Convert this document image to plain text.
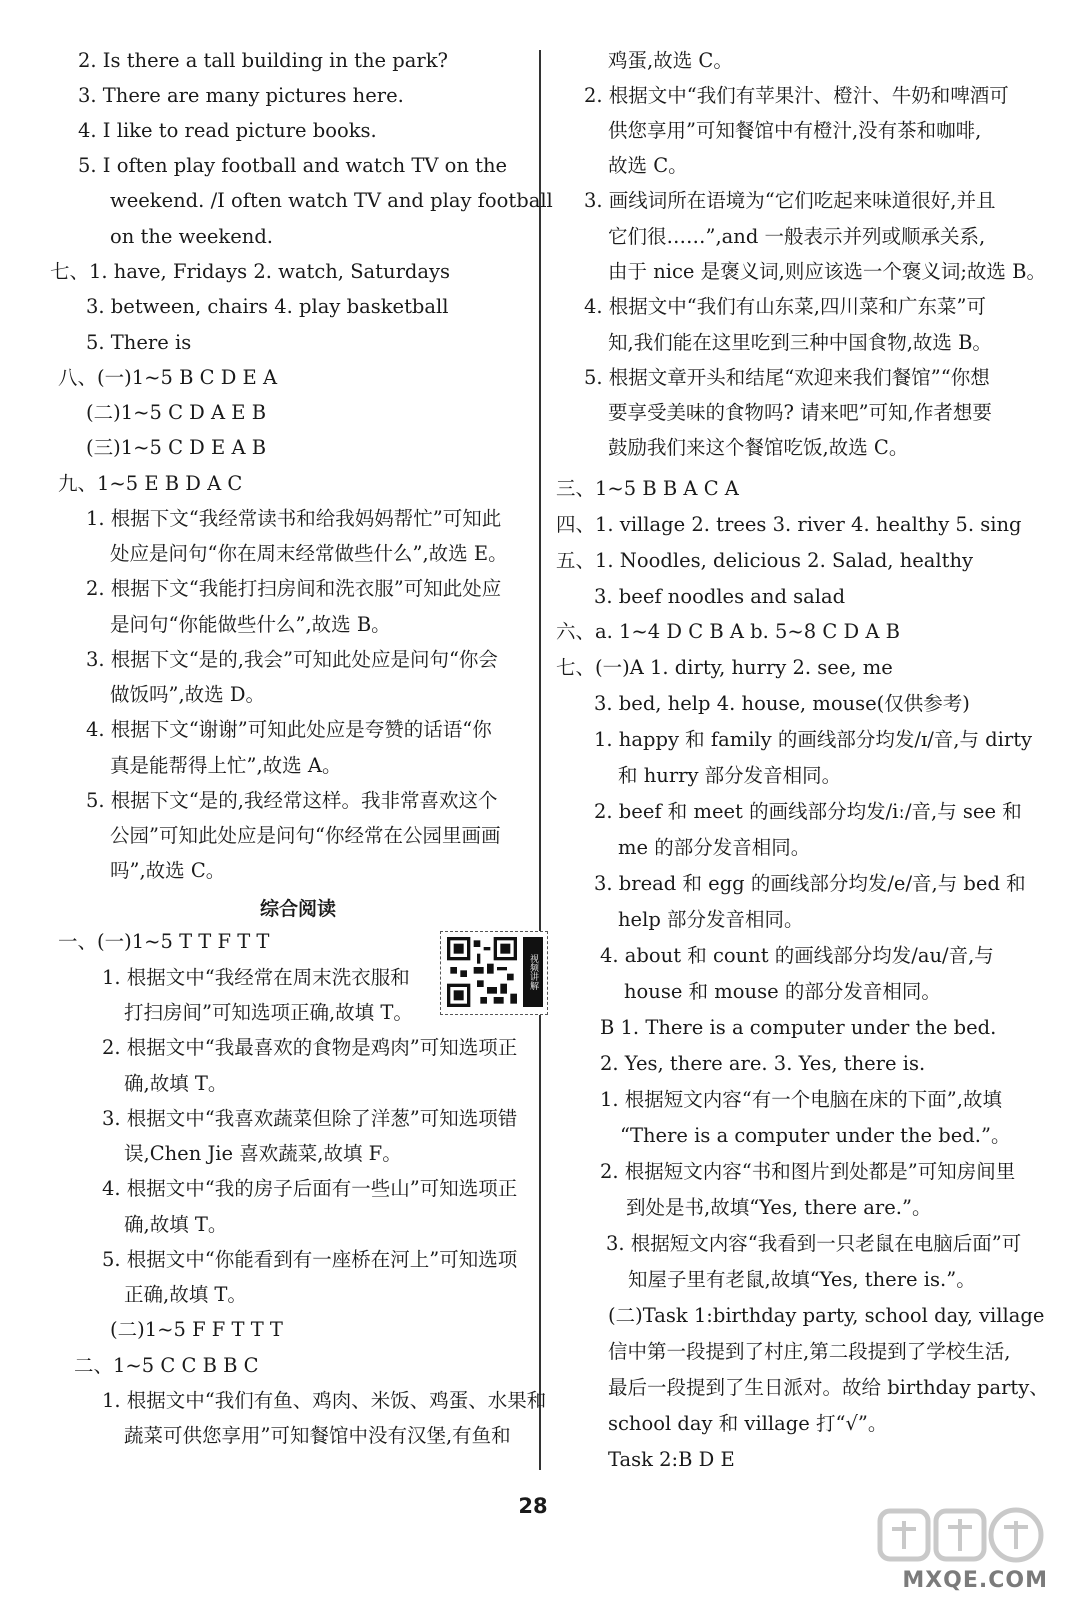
2. Is there a tall building in the park?
3. There are many pictures here.
4. I like to read picture books.
5. I often play football and watch TV on the
weekend. /I often watch TV and play football
on the weekend.
七、1. have, Fridays 2. watch, Saturdays
3. between, chairs 4. play basketball
5. There is
八、(一)1~5 B C D E A
(二)1~5 C D A E B
(三)1~5 C D E A B
九、1~5 E B D A C
1. 根据下文“我经常读书和给我妈妈帮忙”可知此
处应是问句“你在周末经常做些什么”,故选 E。
2. 根据下文“我能打扫房间和洗衣服”可知此处应
是问句“你能做些什么”,故选 B。
3. 根据下文“是的,我会”可知此处应是问句“你会
做饭吗”,故选 D。
4. 根据下文“谢谢”可知此处应是夸赞的话语“你
真是能帮得上忙”,故选 A。
5. 根据下文“是的,我经常这样。我非常喜欢这个
公园”可知此处应是问句“你经常在公园里画画
吗”,故选 C。
综合阅读
一、(一)1~5 T T F T T
1. 根据文中“我经常在周末洗衣服和
打扫房间”可知选项正确,故填 T。
2. 根据文中“我最喜欢的食物是鸡肉”可知选项正
确,故填 T。
3. 根据文中“我喜欢蔬菜但除了洋葱”可知选项错
误,Chen Jie 喜欢蔬菜,故填 F。
4. 根据文中“我的房子后面有一些山”可知选项正
确,故填 T。
5. 根据文中“你能看到有一座桥在河上”可知选项
正确,故填 T。
(二)1~5 F F T T T
二、1~5 C C B B C
1. 根据文中“我们有鱼、鸡肉、米饭、鸡蛋、水果和
蔬菜可供您享用”可知餐馆中没有汉堡,有鱼和
鸡蛋,故选 C。
2. 根据文中“我们有苹果汁、橙汁、牛奶和啤酒可
供您享用”可知餐馆中有橙汁,没有茶和咖啡,
故选 C。
3. 画线词所在语境为“它们吃起来味道很好,并且
它们很……”,and 一般表示并列或顺承关系,
由于 nice 是褒义词,则应该选一个褒义词;故选 B。
4. 根据文中“我们有山东菜,四川菜和广东菜”可
知,我们能在这里吃到三种中国食物,故选 B。
5. 根据文章开头和结尾“欢迎来我们餐馆”“你想
要享受美味的食物吗? 请来吧”可知,作者想要
鼓励我们来这个餐馆吃饭,故选 C。
三、1~5 B B A C A
四、1. village 2. trees 3. river 4. healthy 5. sing
五、1. Noodles, delicious 2. Salad, healthy
3. beef noodles and salad
六、a. 1~4 D C B A b. 5~8 C D A B
七、(一)A 1. dirty, hurry 2. see, me
3. bed, help 4. house, mouse(仅供参考)
1. happy 和 family 的画线部分均发/ɪ/音,与 dirty
和 hurry 部分发音相同。
2. beef 和 meet 的画线部分均发/iː/音,与 see 和
me 的部分发音相同。
3. bread 和 egg 的画线部分均发/e/音,与 bed 和
help 部分发音相同。
4. about 和 count 的画线部分均发/au/音,与
house 和 mouse 的部分发音相同。
B 1. There is a computer under the bed.
2. Yes, there are. 3. Yes, there is.
1. 根据短文内容“有一个电脑在床的下面”,故填
“There is a computer under the bed.”。
2. 根据短文内容“书和图片到处都是”可知房间里
到处是书,故填“Yes, there are.”。
3. 根据短文内容“我看到一只老鼠在电脑后面”可
知屋子里有老鼠,故填“Yes, there is.”。
(二)Task 1:birthday party, school day, village
信中第一段提到了村庄,第二段提到了学校生活,
最后一段提到了生日派对。故给 birthday party、
school day 和 village 打“√”。
Task 2:B D E
视频讲解
28
MXQE.COM
